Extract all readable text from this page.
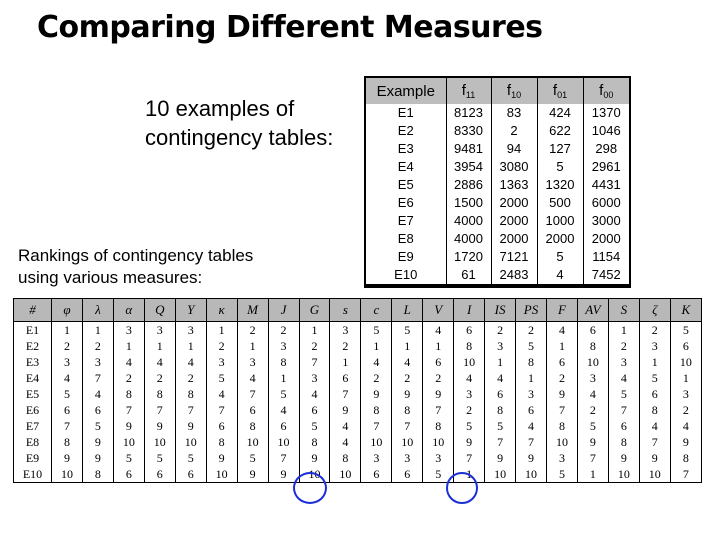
Comparing Different Measures
10 examples of
contingency tables:
Rankings of contingency tables
using various measures:
Example	$f_{11}$	$f_{10}$	$f_{01}$	$f_{00}$
E1	8123	83	424	1370
E2	8330	2	622	1046
E3	9481	94	127	298
E4	3954	3080	5	2961
E5	2886	1363	1320	4431
E6	1500	2000	500	6000
E7	4000	2000	1000	3000
E8	4000	2000	2000	2000
E9	1720	7121	5	1154
E10	61	2483	4	7452
#	φ	λ	α	Q	Y	κ	M	J	G	s	c	L	V	I	IS	PS	F	AV	S	ζ	K
E1	1	1	3	3	3	1	2	2	1	3	5	5	4	6	2	2	4	6	1	2	5
E2	2	2	1	1	1	2	1	3	2	2	1	1	1	8	3	5	1	8	2	3	6
E3	3	3	4	4	4	3	3	8	7	1	4	4	6	10	1	8	6	10	3	1	10
E4	4	7	2	2	2	5	4	1	3	6	2	2	2	4	4	1	2	3	4	5	1
E5	5	4	8	8	8	4	7	5	4	7	9	9	9	3	6	3	9	4	5	6	3
E6	6	6	7	7	7	7	6	4	6	9	8	8	7	2	8	6	7	2	7	8	2
E7	7	5	9	9	9	6	8	6	5	4	7	7	8	5	5	4	8	5	6	4	4
E8	8	9	10	10	10	8	10	10	8	4	10	10	10	9	7	7	10	9	8	7	9
E9	9	9	5	5	5	9	5	7	9	8	3	3	3	7	9	9	3	7	9	9	8
E10	10	8	6	6	6	10	9	9	10	10	6	6	5	1	10	10	5	1	10	10	7
